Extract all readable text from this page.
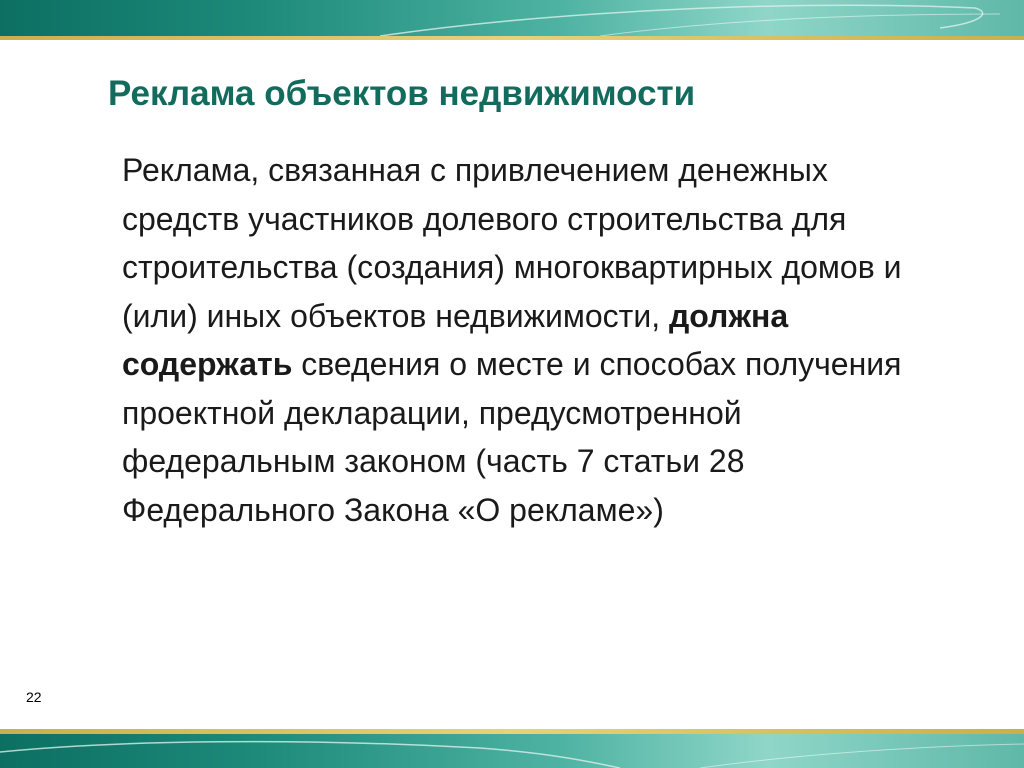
Реклама объектов недвижимости

Реклама, связанная с привлечением денежных средств участников долевого строительства для строительства (создания) многоквартирных домов и (или) иных объектов недвижимости, должна содержать сведения о месте и способах получения проектной декларации, предусмотренной федеральным законом (часть 7 статьи 28 Федерального Закона «О рекламе»)

22
